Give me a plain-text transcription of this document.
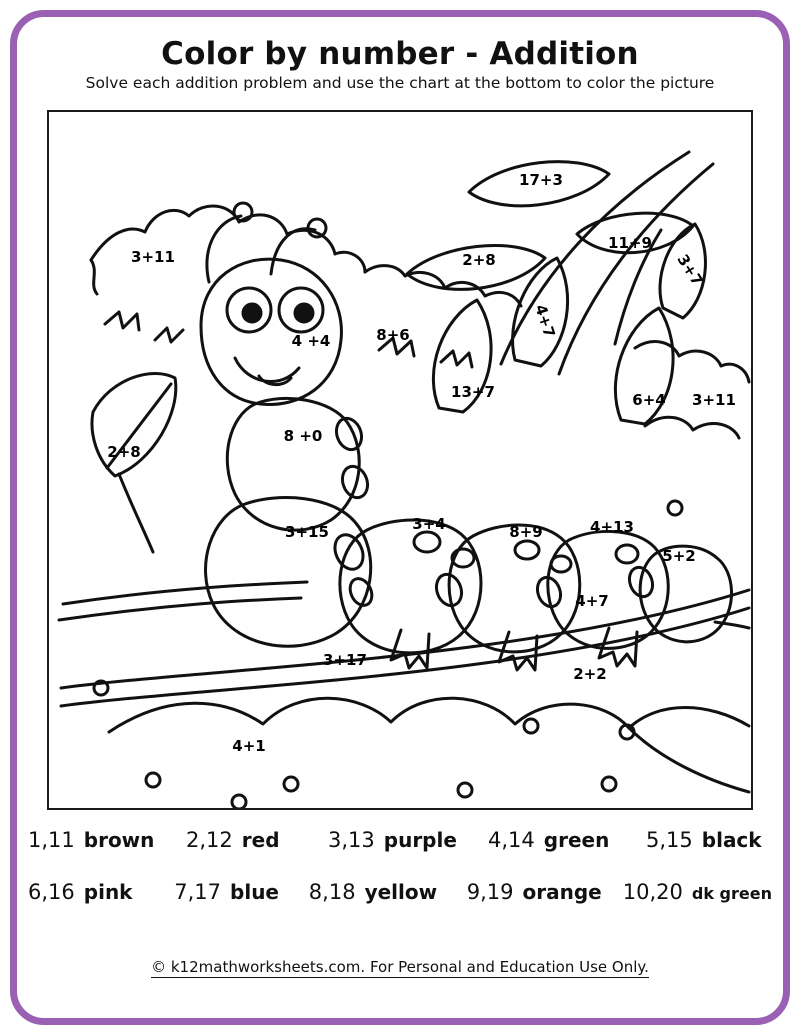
Color by number - Addition
Solve each addition problem and use the chart at the bottom to color the picture
3+11
17+3
2+8
11+9
3+7
4+7
8+6
4 +4
13+7	6+4 3+11
8 +0
2+8
3+15	3+4	8+9	4+13
5+2
4+7
3+17
2+2
4+1
1,11 brown 2,12 red 3,13 purple 4,14 green 5,15 black
6,16 pink 7,17 blue 8,18 yellow 9,19 orange 10,20 dk green
© k12mathworksheets.com. For Personal and Education Use Only.
